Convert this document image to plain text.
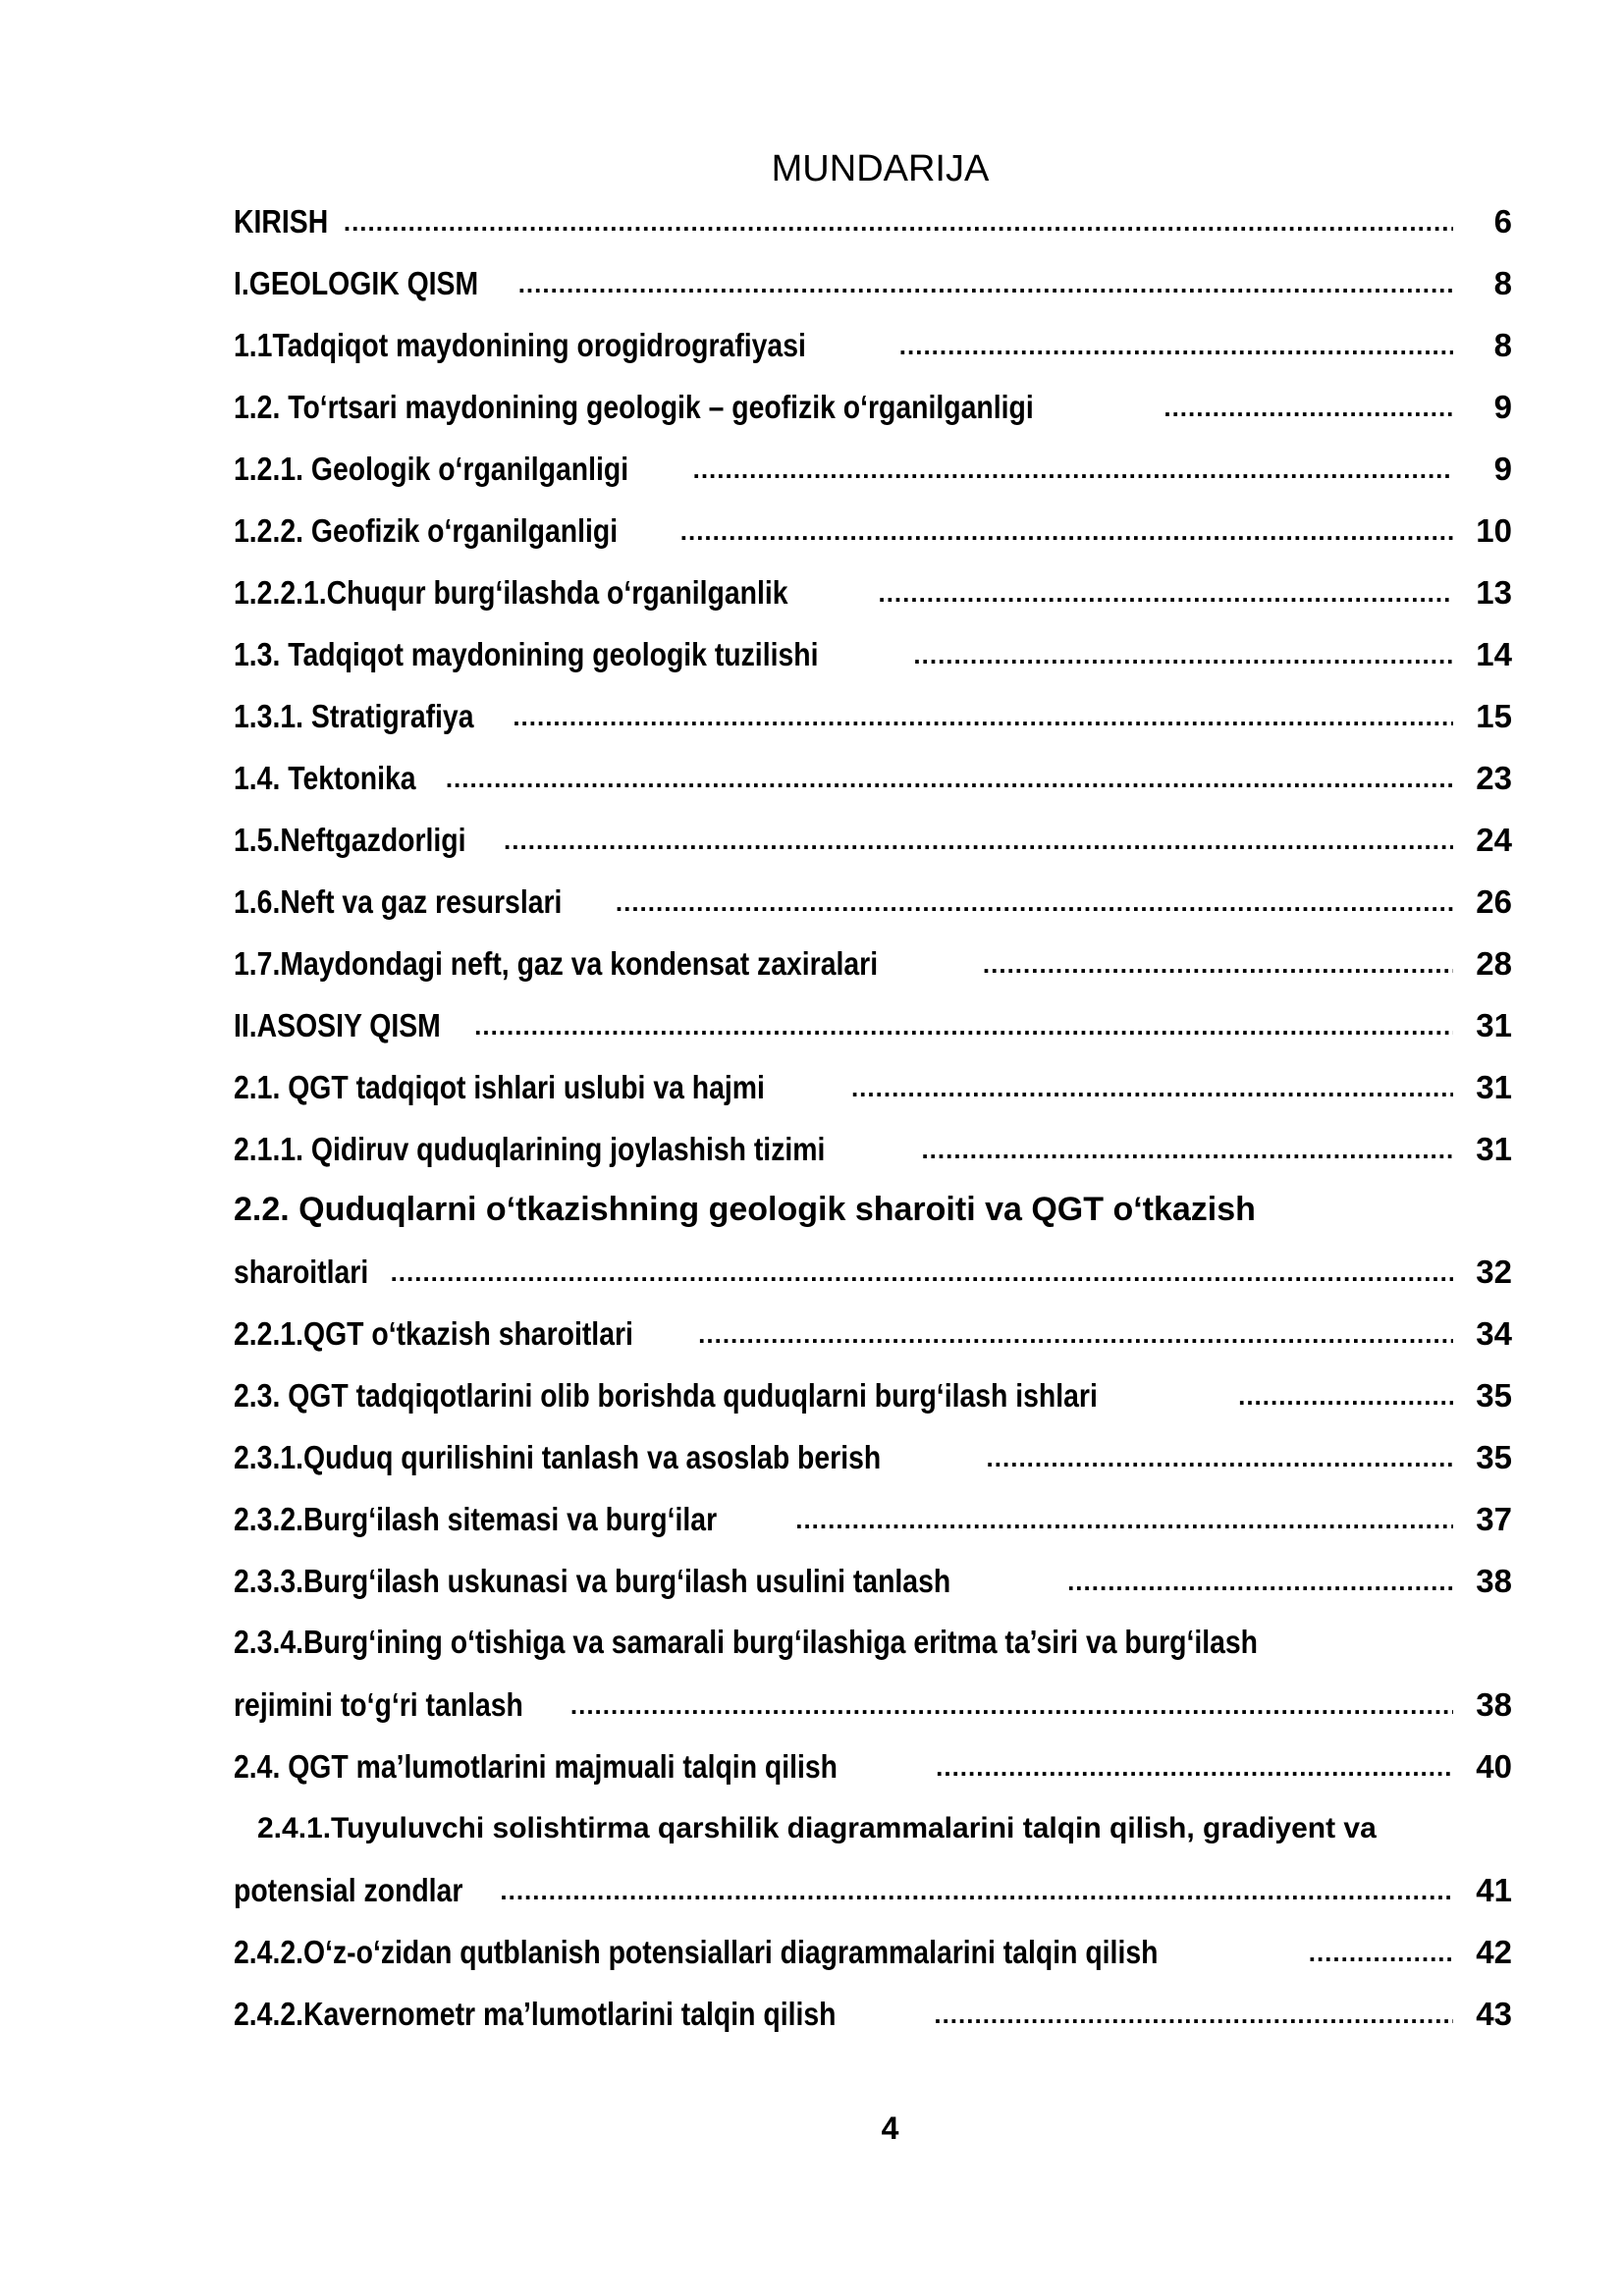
MUNDARIJA
KIRISH .....	6
I.GEOLOGIK QISM .....	8
1.1Tadqiqot maydonining orogidrografiyasi .....	8
1.2. To‘rtsari maydonining geologik – geofizik o‘rganilganligi .....	9
1.2.1. Geologik o‘rganilganligi .....	9
1.2.2. Geofizik o‘rganilganligi .....	10
1.2.2.1.Chuqur burg‘ilashda o‘rganilganlik .....	13
1.3. Tadqiqot maydonining geologik tuzilishi .....	14
1.3.1. Stratigrafiya .....	15
1.4. Tektonika .....	23
1.5.Neftgazdorligi .....	24
1.6.Neft va gaz resurslari .....	26
1.7.Maydondagi neft, gaz va kondensat zaxiralari .....	28
II.ASOSIY QISM .....	31
2.1. QGT tadqiqot ishlari uslubi va hajmi .....	31
2.1.1. Qidiruv quduqlarining joylashish tizimi .....	31
2.2. Quduqlarni o‘tkazishning geologik sharoiti va QGT o‘tkazish
sharoitlari .....	32
2.2.1.QGT o‘tkazish sharoitlari .....	34
2.3. QGT tadqiqotlarini olib borishda quduqlarni burg‘ilash ishlari .....	35
2.3.1.Quduq qurilishini tanlash va asoslab berish .....	35
2.3.2.Burg‘ilash sitemasi va burg‘ilar .....	37
2.3.3.Burg‘ilash uskunasi va burg‘ilash usulini tanlash .....	38
2.3.4.Burg‘ining o‘tishiga va samarali burg‘ilashiga eritma ta’siri va burg‘ilash
rejimini to‘g‘ri tanlash .....	38
2.4. QGT ma’lumotlarini majmuali talqin qilish .....	40
2.4.1.Tuyuluvchi solishtirma qarshilik diagrammalarini talqin qilish, gradiyent va
potensial zondlar .....	41
2.4.2.O‘z-o‘zidan qutblanish potensiallari diagrammalarini talqin qilish .....	42
2.4.2.Kavernometr ma’lumotlarini talqin qilish .....	43
4
